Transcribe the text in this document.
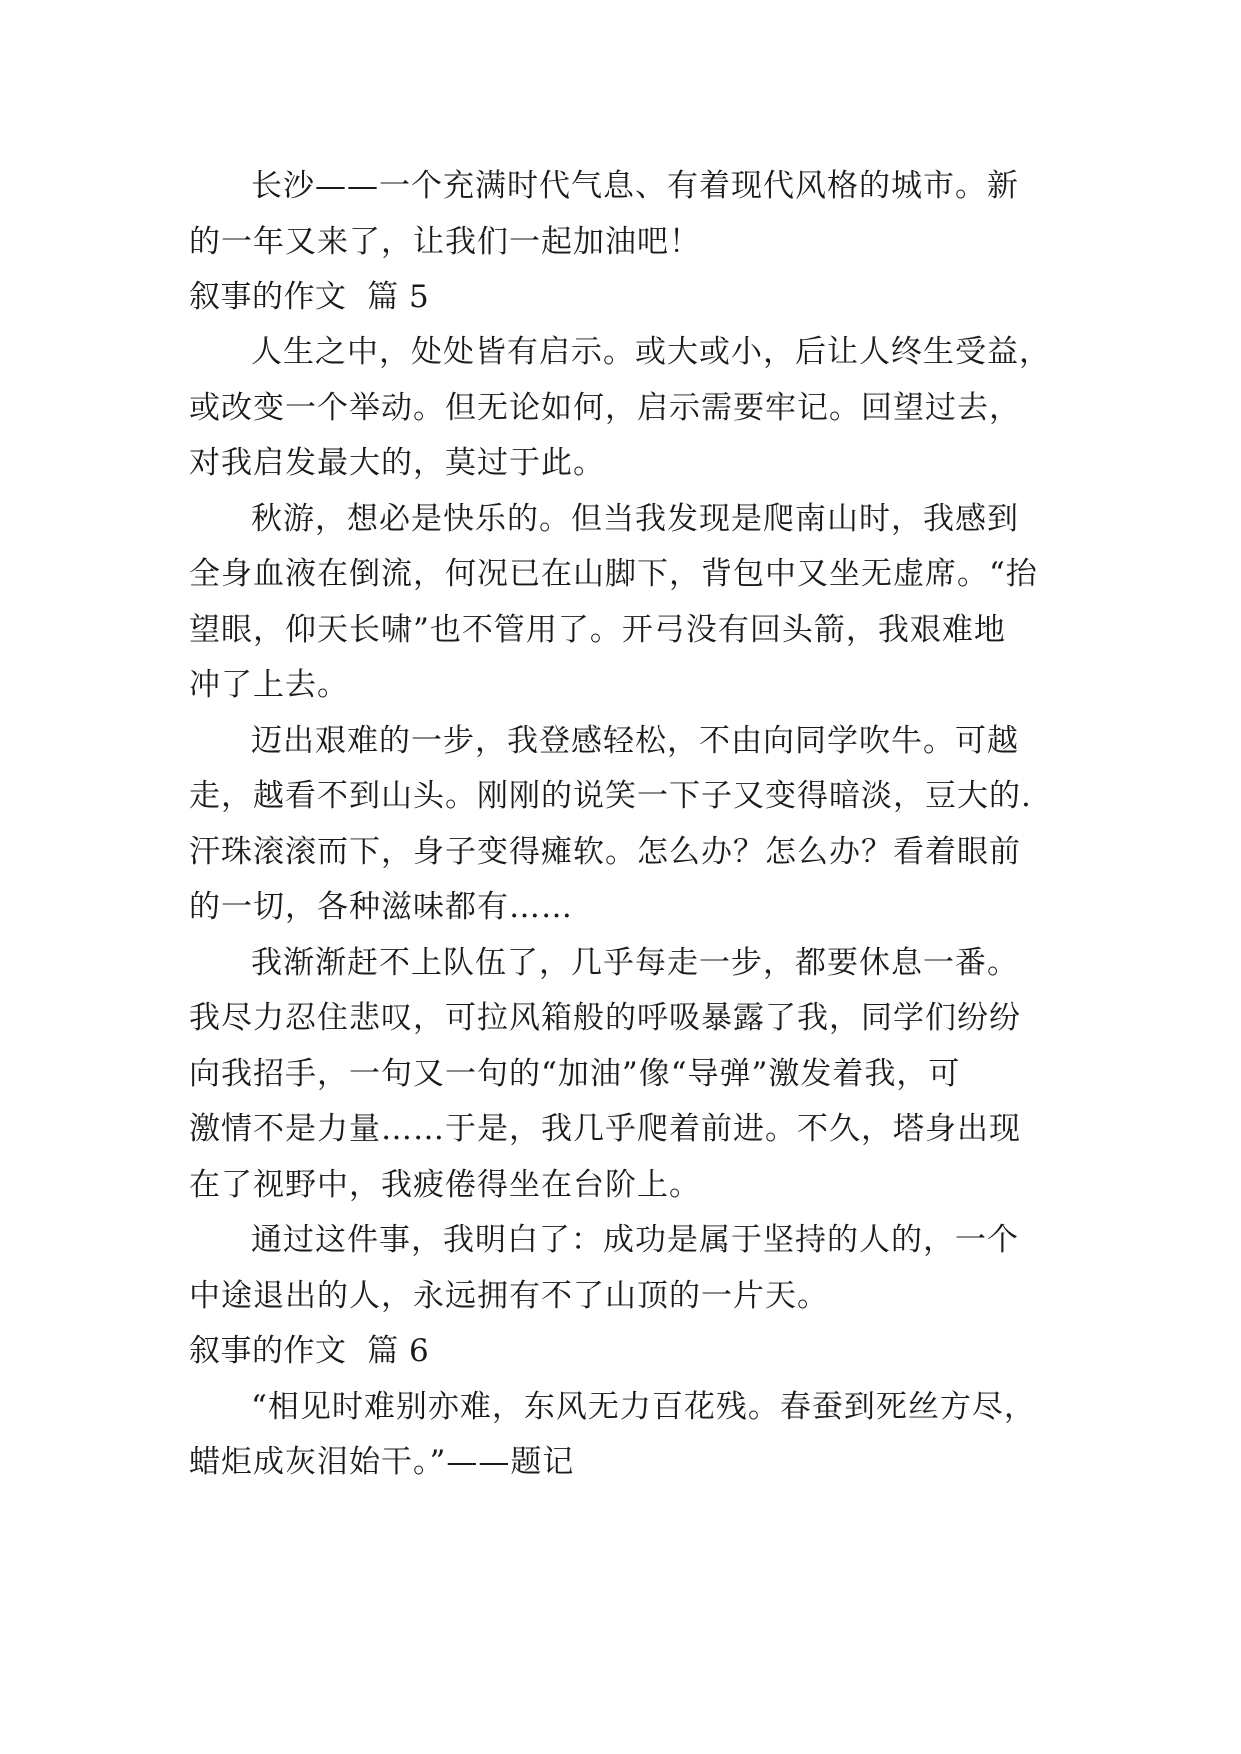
长沙——一个充满时代气息、有着现代风格的城市。新
的一年又来了，让我们一起加油吧！
叙事的作文  篇 5
人生之中，处处皆有启示。或大或小，后让人终生受益，
或改变一个举动。但无论如何，启示需要牢记。回望过去，
对我启发最大的，莫过于此。
秋游，想必是快乐的。但当我发现是爬南山时，我感到
全身血液在倒流，何况已在山脚下，背包中又坐无虚席。“抬
望眼，仰天长啸”也不管用了。开弓没有回头箭，我艰难地
冲了上去。
迈出艰难的一步，我登感轻松，不由向同学吹牛。可越
走，越看不到山头。刚刚的说笑一下子又变得暗淡，豆大的.
汗珠滚滚而下，身子变得瘫软。怎么办？怎么办？看着眼前
的一切，各种滋味都有……
我渐渐赶不上队伍了，几乎每走一步，都要休息一番。
我尽力忍住悲叹，可拉风箱般的呼吸暴露了我，同学们纷纷
向我招手，一句又一句的“加油”像“导弹”激发着我，可
激情不是力量……于是，我几乎爬着前进。不久，塔身出现
在了视野中，我疲倦得坐在台阶上。
通过这件事，我明白了：成功是属于坚持的人的，一个
中途退出的人，永远拥有不了山顶的一片天。
叙事的作文  篇 6
“相见时难别亦难，东风无力百花残。春蚕到死丝方尽，
蜡炬成灰泪始干。”——题记
